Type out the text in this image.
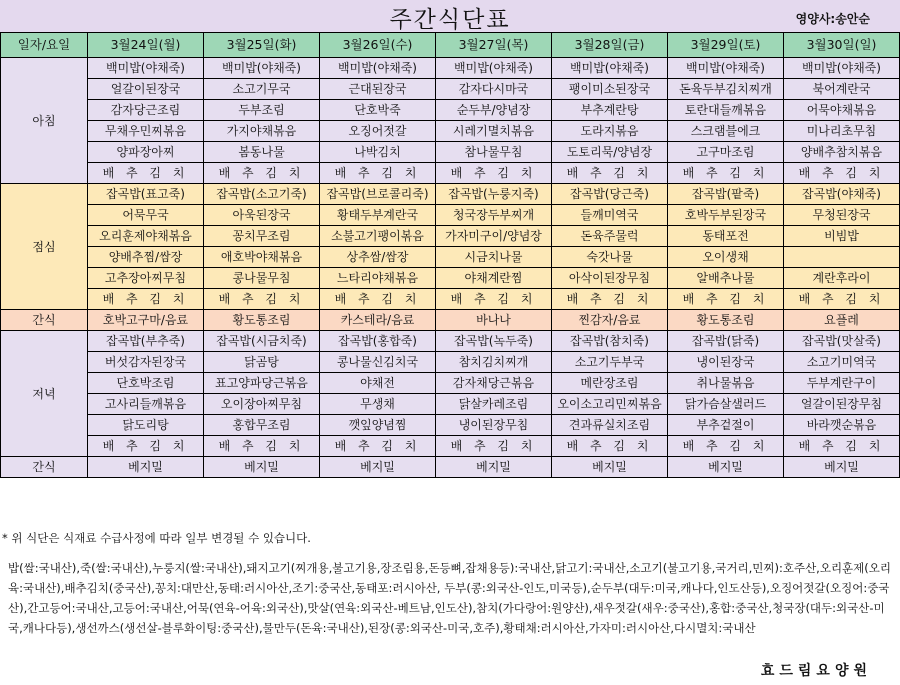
주간식단표	영양사:송안순
일자/요일	3월24일(월)	3월25일(화)	3월26일(수)	3월27일(목)	3월28일(금)	3월29일(토)	3월30일(일)
아침	백미밥(야채죽)	백미밥(야채죽)	백미밥(야채죽)	백미밥(야채죽)	백미밥(야채죽)	백미밥(야채죽)	백미밥(야채죽)
	얼갈이된장국	소고기무국	근대된장국	감자다시마국	팽이미소된장국	돈육두부김치찌개	북어계란국
	감자당근조림	두부조림	단호박죽	순두부/양념장	부추계란탕	토란대들깨볶음	어묵야채볶음
	무채우민찌볶음	가지야채볶음	오징어젓갈	시레기멸치볶음	도라지볶음	스크램블에크	미나리초무침
	양파장아찌	봄동나물	나박김치	참나물무침	도토리묵/양념장	고구마조림	양배추참치볶음
	배 추 김 치	배 추 김 치	배 추 김 치	배 추 김 치	배 추 김 치	배 추 김 치	배 추 김 치
점심	잡곡밥(표고죽)	잡곡밥(소고기죽)	잡곡밥(브로콜리죽)	잡곡밥(누룽지죽)	잡곡밥(당근죽)	잡곡밥(팥죽)	잡곡밥(야채죽)
	어묵무국	아욱된장국	황태두부계란국	청국장두부찌개	들깨미역국	호박두부된장국	무청된장국
	오리훈제야채볶음	꽁치무조림	소불고기팽이볶음	가자미구이/양념장	돈육주물럭	동태포전	비빔밥
	양배추찜/쌈장	애호박야채볶음	상추쌈/쌈장	시금치나물	숙갓나물	오이생채	
	고추장아찌무침	콩나물무침	느타리야채볶음	야채계란찜	아삭이된장무침	알배추나물	계란후라이
	배 추 김 치	배 추 김 치	배 추 김 치	배 추 김 치	배 추 김 치	배 추 김 치	배 추 김 치
간식	호박고구마/음료	황도통조림	카스테라/음료	바나나	찐감자/음료	황도통조림	요플레
저녁	잡곡밥(부추죽)	잡곡밥(시금치죽)	잡곡밥(홍합죽)	잡곡밥(녹두죽)	잡곡밥(참치죽)	잡곡밥(닭죽)	잡곡밥(맛살죽)
	버섯감자된장국	닭곰탕	콩나물신김치국	참치김치찌개	소고기두부국	냉이된장국	소고기미역국
	단호박조림	표고양파당근볶음	야채전	감자채당근볶음	메란장조림	취나물볶음	두부계란구이
	고사리들깨볶음	오이장아찌무침	무생채	닭살카레조림	오이소고리민찌볶음	닭가슴살샐러드	얼갈이된장무침
	닭도리탕	홍합무조림	깻잎양념찜	냉이된장무침	견과류실치조림	부추겉절이	바라깻순볶음
	배 추 김 치	배 추 김 치	배 추 김 치	배 추 김 치	배 추 김 치	배 추 김 치	배 추 김 치
간식	베지밀	베지밀	베지밀	베지밀	베지밀	베지밀	베지밀
* 위 식단은 식재료 수급사정에 따라 일부 변경될 수 있습니다.
밥(쌀:국내산),죽(쌀:국내산),누룽지(쌀:국내산),돼지고기(찌개용,불고기용,장조림용,돈등뼈,잡채용등):국내산,닭고기:국내산,소고기(불고기용,국거리,민찌):호주산,오리훈제(오리육:국내산),배추김치(중국산),꽁치:대만산,동태:러시아산,조기:중국산,동태포:러시아산, 두부(콩:외국산-인도,미국등),순두부(대두:미국,캐나다,인도산등),오징어젓갈(오징어:중국산),간고등어:국내산,고등어:국내산,어묵(연육-어육:외국산),맛살(연육:외국산-베트남,인도산),참치(가다랑어:원양산),새우젓갈(새우:중국산),홍합:중국산,청국장(대두:외국산-미국,캐나다등),생선까스(생선살-블루화이팅:중국산),물만두(돈육:국내산),된장(콩:외국산-미국,호주),황태채:러시아산,가자미:러시아산,다시멸치:국내산
효드림요양원
